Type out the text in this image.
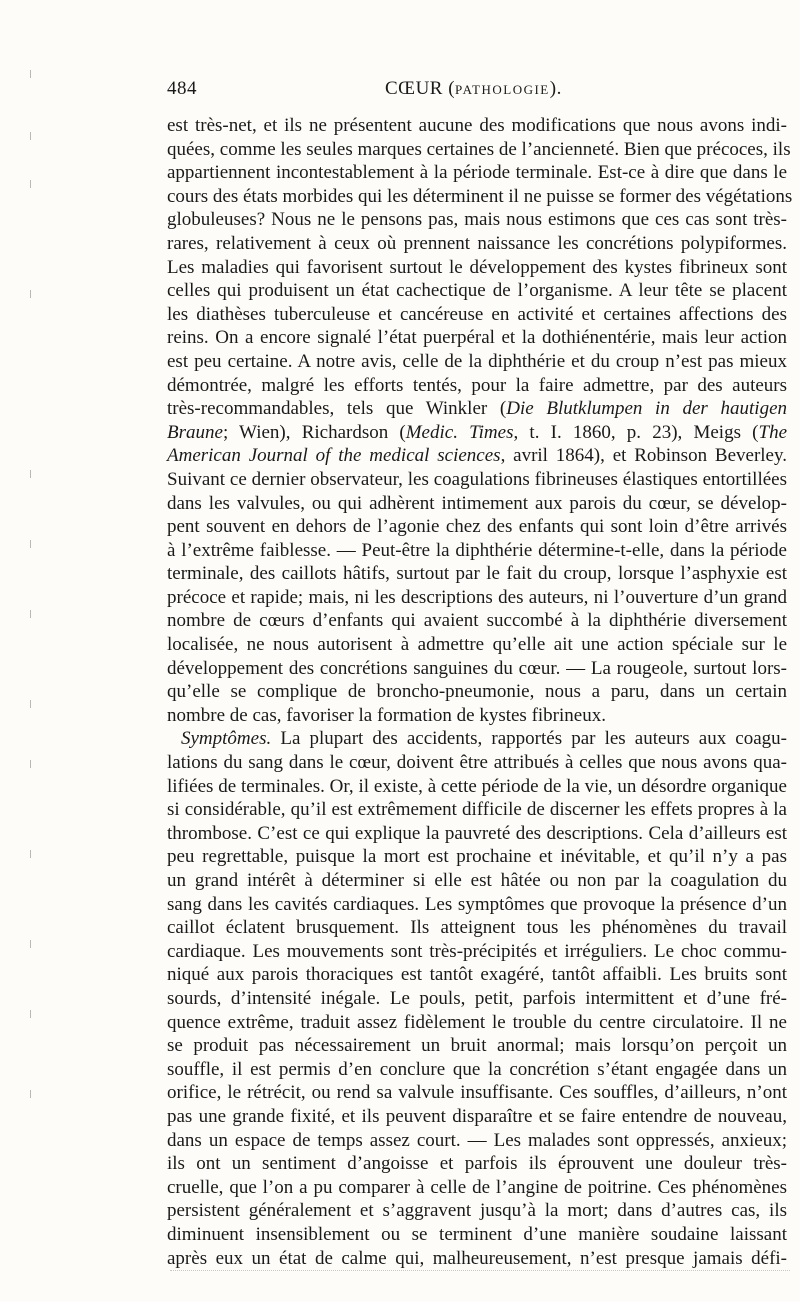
484	CŒUR (PATHOLOGIE).
est très-net, et ils ne présentent aucune des modifications que nous avons indi-
quées, comme les seules marques certaines de l’ancienneté. Bien que précoces, ils
appartiennent incontestablement à la période terminale. Est-ce à dire que dans le
cours des états morbides qui les déterminent il ne puisse se former des végétations
globuleuses? Nous ne le pensons pas, mais nous estimons que ces cas sont très-
rares, relativement à ceux où prennent naissance les concrétions polypiformes.
Les maladies qui favorisent surtout le développement des kystes fibrineux sont
celles qui produisent un état cachectique de l’organisme. A leur tête se placent
les diathèses tuberculeuse et cancéreuse en activité et certaines affections des
reins. On a encore signalé l’état puerpéral et la dothiénentérie, mais leur action
est peu certaine. A notre avis, celle de la diphthérie et du croup n’est pas mieux
démontrée, malgré les efforts tentés, pour la faire admettre, par des auteurs
très-recommandables, tels que Winkler (Die Blutklumpen in der hautigen
Braune; Wien), Richardson (Medic. Times, t. I. 1860, p. 23), Meigs (The
American Journal of the medical sciences, avril 1864), et Robinson Beverley.
Suivant ce dernier observateur, les coagulations fibrineuses élastiques entortillées
dans les valvules, ou qui adhèrent intimement aux parois du cœur, se dévelop-
pent souvent en dehors de l’agonie chez des enfants qui sont loin d’être arrivés
à l’extrême faiblesse. — Peut-être la diphthérie détermine-t-elle, dans la période
terminale, des caillots hâtifs, surtout par le fait du croup, lorsque l’asphyxie est
précoce et rapide; mais, ni les descriptions des auteurs, ni l’ouverture d’un grand
nombre de cœurs d’enfants qui avaient succombé à la diphthérie diversement
localisée, ne nous autorisent à admettre qu’elle ait une action spéciale sur le
développement des concrétions sanguines du cœur. — La rougeole, surtout lors-
qu’elle se complique de broncho-pneumonie, nous a paru, dans un certain
nombre de cas, favoriser la formation de kystes fibrineux.
Symptômes. La plupart des accidents, rapportés par les auteurs aux coagu-
lations du sang dans le cœur, doivent être attribués à celles que nous avons qua-
lifiées de terminales. Or, il existe, à cette période de la vie, un désordre organique
si considérable, qu’il est extrêmement difficile de discerner les effets propres à la
thrombose. C’est ce qui explique la pauvreté des descriptions. Cela d’ailleurs est
peu regrettable, puisque la mort est prochaine et inévitable, et qu’il n’y a pas
un grand intérêt à déterminer si elle est hâtée ou non par la coagulation du
sang dans les cavités cardiaques. Les symptômes que provoque la présence d’un
caillot éclatent brusquement. Ils atteignent tous les phénomènes du travail
cardiaque. Les mouvements sont très-précipités et irréguliers. Le choc commu-
niqué aux parois thoraciques est tantôt exagéré, tantôt affaibli. Les bruits sont
sourds, d’intensité inégale. Le pouls, petit, parfois intermittent et d’une fré-
quence extrême, traduit assez fidèlement le trouble du centre circulatoire. Il ne
se produit pas nécessairement un bruit anormal; mais lorsqu’on perçoit un
souffle, il est permis d’en conclure que la concrétion s’étant engagée dans un
orifice, le rétrécit, ou rend sa valvule insuffisante. Ces souffles, d’ailleurs, n’ont
pas une grande fixité, et ils peuvent disparaître et se faire entendre de nouveau,
dans un espace de temps assez court. — Les malades sont oppressés, anxieux;
ils ont un sentiment d’angoisse et parfois ils éprouvent une douleur très-
cruelle, que l’on a pu comparer à celle de l’angine de poitrine. Ces phénomènes
persistent généralement et s’aggravent jusqu’à la mort; dans d’autres cas, ils
diminuent insensiblement ou se terminent d’une manière soudaine laissant
après eux un état de calme qui, malheureusement, n’est presque jamais défi-
